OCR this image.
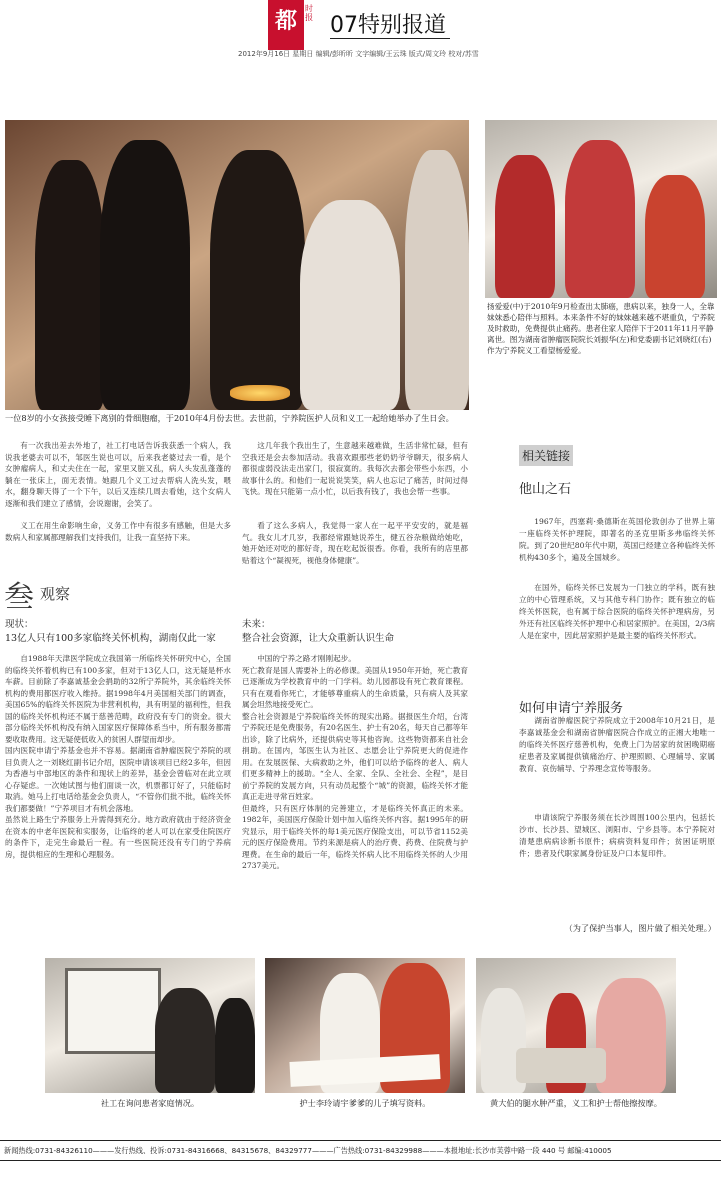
都市
时报 07特别报道
2012年9月16日 星期日 编辑/彭昕昕 文字编辑/王云珠 版式/周文玲 校对/苏雪
一位8岁的小女孩接受睡下离别的骨细胞瘤，于2010年4月份去世。去世前，宁养院医护人员和义工一起给她举办了生日会。
扬爱爱(中)于2010年9月检查出太肺癌，患病以来，独身一人，全靠妹妹悉心陪伴与照料。本来条件不好的妹妹越来越不堪重负，宁养院及时救助，免费提供止痛药。患者住家人陪伴下于2011年11月平静离世。图为湖南省肿瘤医院院长刘振华(左)和党委副书记刘晓红(右)作为宁养院义工看望杨爱爱。
有一次我出差去外地了，社工打电话告诉我获悉一个病人，我说我老婆去可以不，邹医生说也可以，后来我老婆过去一看，是个女肿瘤病人，和丈夫住在一起，家里又脏又乱，病人头发乱蓬蓬的躺在一张床上，面无表情。她跟几个义工过去帮病人洗头发，喂水，翻身聊天得了一个下午，以后又连续几周去看她，这个女病人逐渐和我们建立了感情，会说谢谢，会笑了。
义工在用生命影响生命，义务工作中有很多有感触，但是大多数病人和家属都理解我们支持我们，让我一直坚持下来。
这几年我个我出生了，生意越来越难做，生活非常忙碌，但有空我还是会去参加活动。我喜欢跟那些老奶奶爷爷聊天，很多病人都很虚弱没法走出家门，很寂寞的。我每次去都会带些小东西，小故事什么的。和他们一起说说笑笑，病人也忘记了痛苦，时间过得飞快。现在只能第一点小忙，以后我有钱了，我也会帮一些事。
看了这么多病人，我觉得一家人在一起平平安安的，就是福气。我女儿才几岁，我都经常跟她说养生，健五谷杂粮做给她吃，她开始还对吃的都好奇，现在吃起饭很香。你看，我所有的店里都贴着这个“凝视死，视他身体健康”。
叁 观察
现状：
13亿人只有100多家临终关怀机构，湖南仅此一家
自1988年天津医学院成立我国第一所临终关怀研究中心，全国的临终关怀着机构已有100多家，但对于13亿人口，这无疑是杯水车薪。目前除了李嘉诚基金会捐助的32所宁养院外，其余临终关怀机构的费用都医疗收入维持。据1998年4月美国相关部门的调查，美国65%的临终关怀医院为非营利机构，具有明显的福利性，但我国的临终关怀机构还不属于慈善范畴，政府没有专门的资金。很大部分临终关怀机构没有纳入国家医疗保障体系当中，所有服务都需要收取费用。这无疑使低收入的贫困人群望而却步。
国内医院申请宁养基金也并不容易。据湖南省肿瘤医院宁养院的项目负责人之一刘晓红副书记介绍，医院申请该项目已经2多年，但因为香港与中部地区的条件和现状上的差异，基金会曾临对在此立项心存疑虑。一次她试图与他们面谈一次，机票都订好了，只能临时取消。她马上打电话给基金会负责人，“不管你们批不批，临终关怀我们都要做！”宁养项目才有机会落地。
虽然说上路生宁养服务上升需得到充分。地方政府就由于经济资金在资本的中老年医院和实服务，让临终的老人可以在家受住院医疗的条件下，走完生命最后一程。有一些医院还没有专门的宁养病房，提供相应的生理和心理服务。
未来：
整合社会资源，让大众重新认识生命
中国的宁养之路才刚刚起步。
死亡教育是国人需要补上的必修课。美国从1950年开始，死亡教育已逐渐成为学校教育中的一门学科。幼儿园都设有死亡教育课程。只有在观看你死亡，才能够尊重病人的生命质量，只有病人及其家属会坦然地接受死亡。
整合社会资源是宁养院临终关怀的现实出路。据报医生介绍，台湾宁养院还是免费服务，有20名医生、护士有20名，每天自己都等年出诊，除了比病外，还提供病史等其他咨询。这些物资都来自社会捐助。在国内，邹医生认为社区、志愿会让宁养院更大的促进作用。在发展医保、大病救助之外，他们可以给予临终的老人、病人们更多精神上的援助。“全人、全家、全队、全社会、全程”，是目前宁养院的发展方向，只有动员起整个“城”的资源，临终关怀才能真正走进寻常百姓家。
但最终，只有医疗体制的完善建立，才是临终关怀真正的未来。1982年，美国医疗保险计划中加入临终关怀内容。据1995年的研究显示，用于临终关怀的每1美元医疗保险支出，可以节省1152美元的医疗保险费用。节约来源是病人的治疗费、药费、住院费与护理费。在生命的最后一年，临终关怀病人比不用临终关怀的人少用2737美元。
相关链接
他山之石
1967年，西塞莉·桑德斯在英国伦敦创办了世界上第一座临终关怀护理院，即著名的圣克里斯多弗临终关怀院。到了20世纪80年代中期，英国已经建立各种临终关怀机构430多个，遍及全国城乡。
在国外，临终关怀已发展为一门独立的学科，既有独立的中心管理系统，又与其他专科门协作；既有独立的临终关怀医院，也有属于综合医院的临终关怀护理病房，另外还有社区临终关怀护理中心和居家照护。在美国，2/3病人是在家中，因此居家照护是最主要的临终关怀形式。
如何申请宁养服务
湖南省肿瘤医院宁养院成立于2008年10月21日，是李嘉诚基金会和湖南省肿瘤医院合作成立的正湘大地唯一的临终关怀医疗慈善机构，免费上门为居家的贫困晚期癌症患者及家属提供镇痛治疗、护理照顾、心理辅导、家属教育、哀伤辅导、宁养理念宣传等服务。
申请该院宁养服务须在长沙周围100公里内，包括长沙市、长沙县、望城区、浏阳市、宁乡县等。本宁养院对清楚患病病诊断书原件；病病资料复印件；贫困证明原件；患者及代职家属身份证及户口本复印件。
（为了保护当事人，图片做了相关处理。）
社工在询问患者家庭情况。	护士李玲请宇爹爹的儿子填写资料。	黄大伯的腿水肿严重，义工和护士帮他擦按摩。
新闻热线:0731-84326110———发行热线、投诉:0731-84316668、84315678、84329777———广告热线:0731-84329988———本报地址:长沙市芙蓉中路一段 440 号 邮编:410005
